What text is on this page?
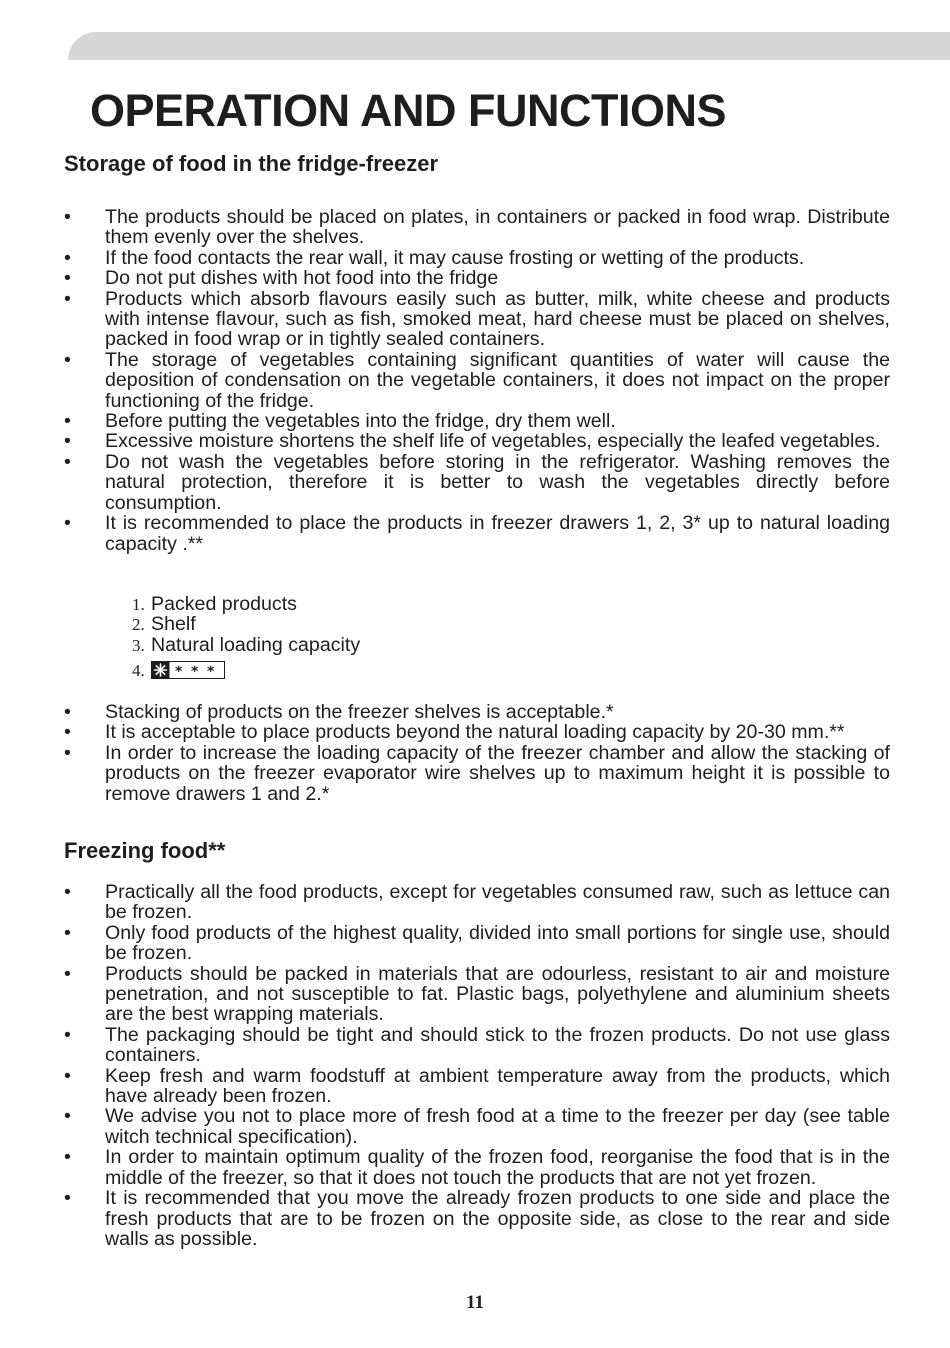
OPERATION AND FUNCTIONS
Storage of food in the fridge-freezer
• The products should be placed on plates, in containers or packed in food wrap. Distribute them evenly over the shelves.
• If the food contacts the rear wall, it may cause frosting or wetting of the products.
• Do not put dishes with hot food into the fridge
• Products which absorb flavours easily such as butter, milk, white cheese and products with intense flavour, such as fish, smoked meat, hard cheese must be placed on shelves, packed in food wrap or in tightly sealed containers.
• The storage of vegetables containing significant quantities of water will cause the deposition of condensation on the vegetable containers, it does not impact on the proper functioning of the fridge.
• Before putting the vegetables into the fridge, dry them well.
• Excessive moisture shortens the shelf life of vegetables, especially the leafed vegetables.
• Do not wash the vegetables before storing in the refrigerator. Washing removes the natural protection, therefore it is better to wash the vegetables directly before consumption.
• It is recommended to place the products in freezer drawers 1, 2, 3* up to natural loading capacity .**
1. Packed products
2. Shelf
3. Natural loading capacity
4. * * *
• Stacking of products on the freezer shelves is acceptable.*
• It is acceptable to place products beyond the natural loading capacity by 20-30 mm.**
• In order to increase the loading capacity of the freezer chamber and allow the stacking of products on the freezer evaporator wire shelves up to maximum height it is possible to remove drawers 1 and 2.*
Freezing food**
• Practically all the food products, except for vegetables consumed raw, such as lettuce can be frozen.
• Only food products of the highest quality, divided into small portions for single use, should be frozen.
• Products should be packed in materials that are odourless, resistant to air and moisture penetration, and not susceptible to fat. Plastic bags, polyethylene and aluminium sheets are the best wrapping materials.
• The packaging should be tight and should stick to the frozen products. Do not use glass containers.
• Keep fresh and warm foodstuff at ambient temperature away from the products, which have already been frozen.
• We advise you not to place more of fresh food at a time to the freezer per day (see table witch technical specification).
• In order to maintain optimum quality of the frozen food, reorganise the food that is in the middle of the freezer, so that it does not touch the products that are not yet frozen.
• It is recommended that you move the already frozen products to one side and place the fresh products that are to be frozen on the opposite side, as close to the rear and side walls as possible.
11
